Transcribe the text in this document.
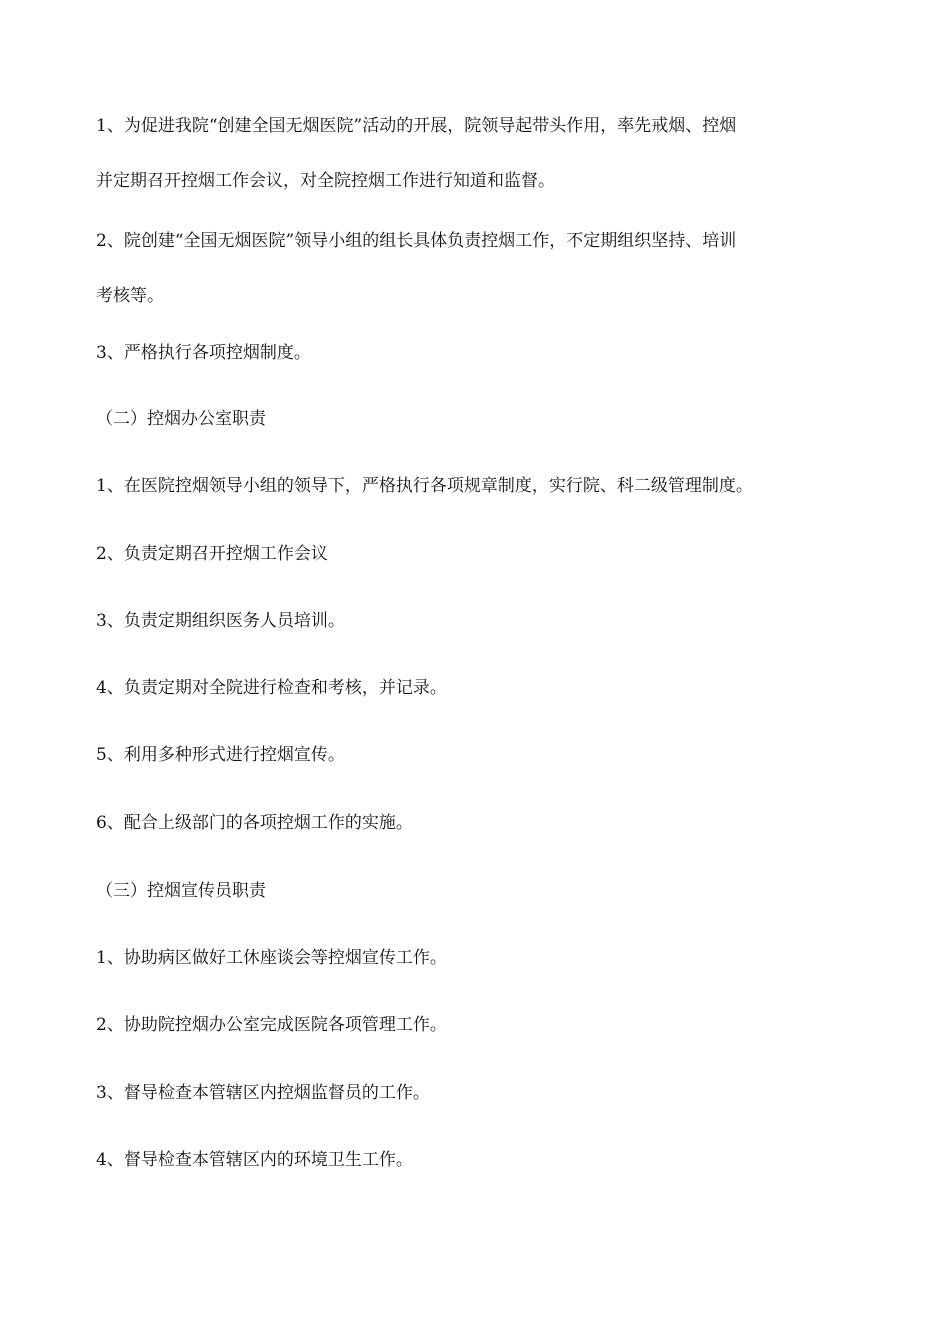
1、为促进我院“创建全国无烟医院”活动的开展，院领导起带头作用，率先戒烟、控烟
并定期召开控烟工作会议，对全院控烟工作进行知道和监督。

2、院创建“全国无烟医院”领导小组的组长具体负责控烟工作，不定期组织坚持、培训
考核等。

3、严格执行各项控烟制度。

（二）控烟办公室职责

1、在医院控烟领导小组的领导下，严格执行各项规章制度，实行院、科二级管理制度。

2、负责定期召开控烟工作会议

3、负责定期组织医务人员培训。

4、负责定期对全院进行检查和考核，并记录。

5、利用多种形式进行控烟宣传。

6、配合上级部门的各项控烟工作的实施。

（三）控烟宣传员职责

1、协助病区做好工休座谈会等控烟宣传工作。

2、协助院控烟办公室完成医院各项管理工作。

3、督导检查本管辖区内控烟监督员的工作。

4、督导检查本管辖区内的环境卫生工作。
